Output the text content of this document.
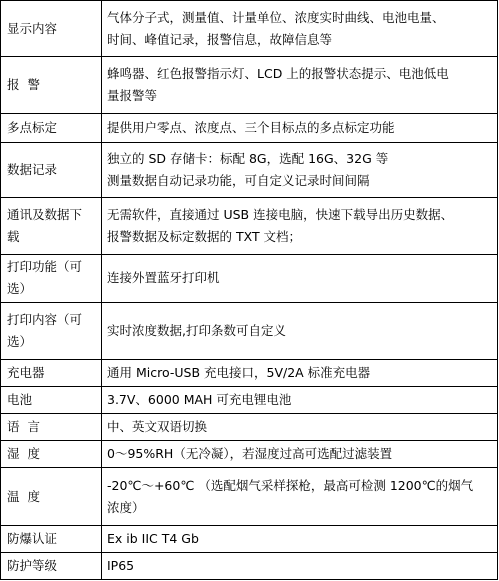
显示内容	气体分子式，测量值、计量单位、浓度实时曲线、电池电量、
时间、峰值记录，报警信息，故障信息等

报  警	蜂鸣器、红色报警指示灯、LCD 上的报警状态提示、电池低电
量报警等

多点标定	提供用户零点、浓度点、三个目标点的多点标定功能

数据记录	独立的 SD 存储卡：标配 8G，选配 16G、32G 等
测量数据自动记录功能，可自定义记录时间间隔

通讯及数据下
载	无需软件，直接通过 USB 连接电脑，快速下载导出历史数据、
报警数据及标定数据的 TXT 文档；

打印功能（可
选）	连接外置蓝牙打印机

打印内容（可
选）	实时浓度数据,打印条数可自定义

充电器	通用 Micro-USB 充电接口，5V/2A 标准充电器

电池	3.7V、6000 MAH 可充电锂电池

语  言	中、英文双语切换

湿  度	0～95%RH（无冷凝），若湿度过高可选配过滤装置

温  度	-20℃～+60℃ （选配烟气采样探枪，最高可检测 1200℃的烟气
浓度）

防爆认证	Ex ib IIC T4 Gb

防护等级	IP65
